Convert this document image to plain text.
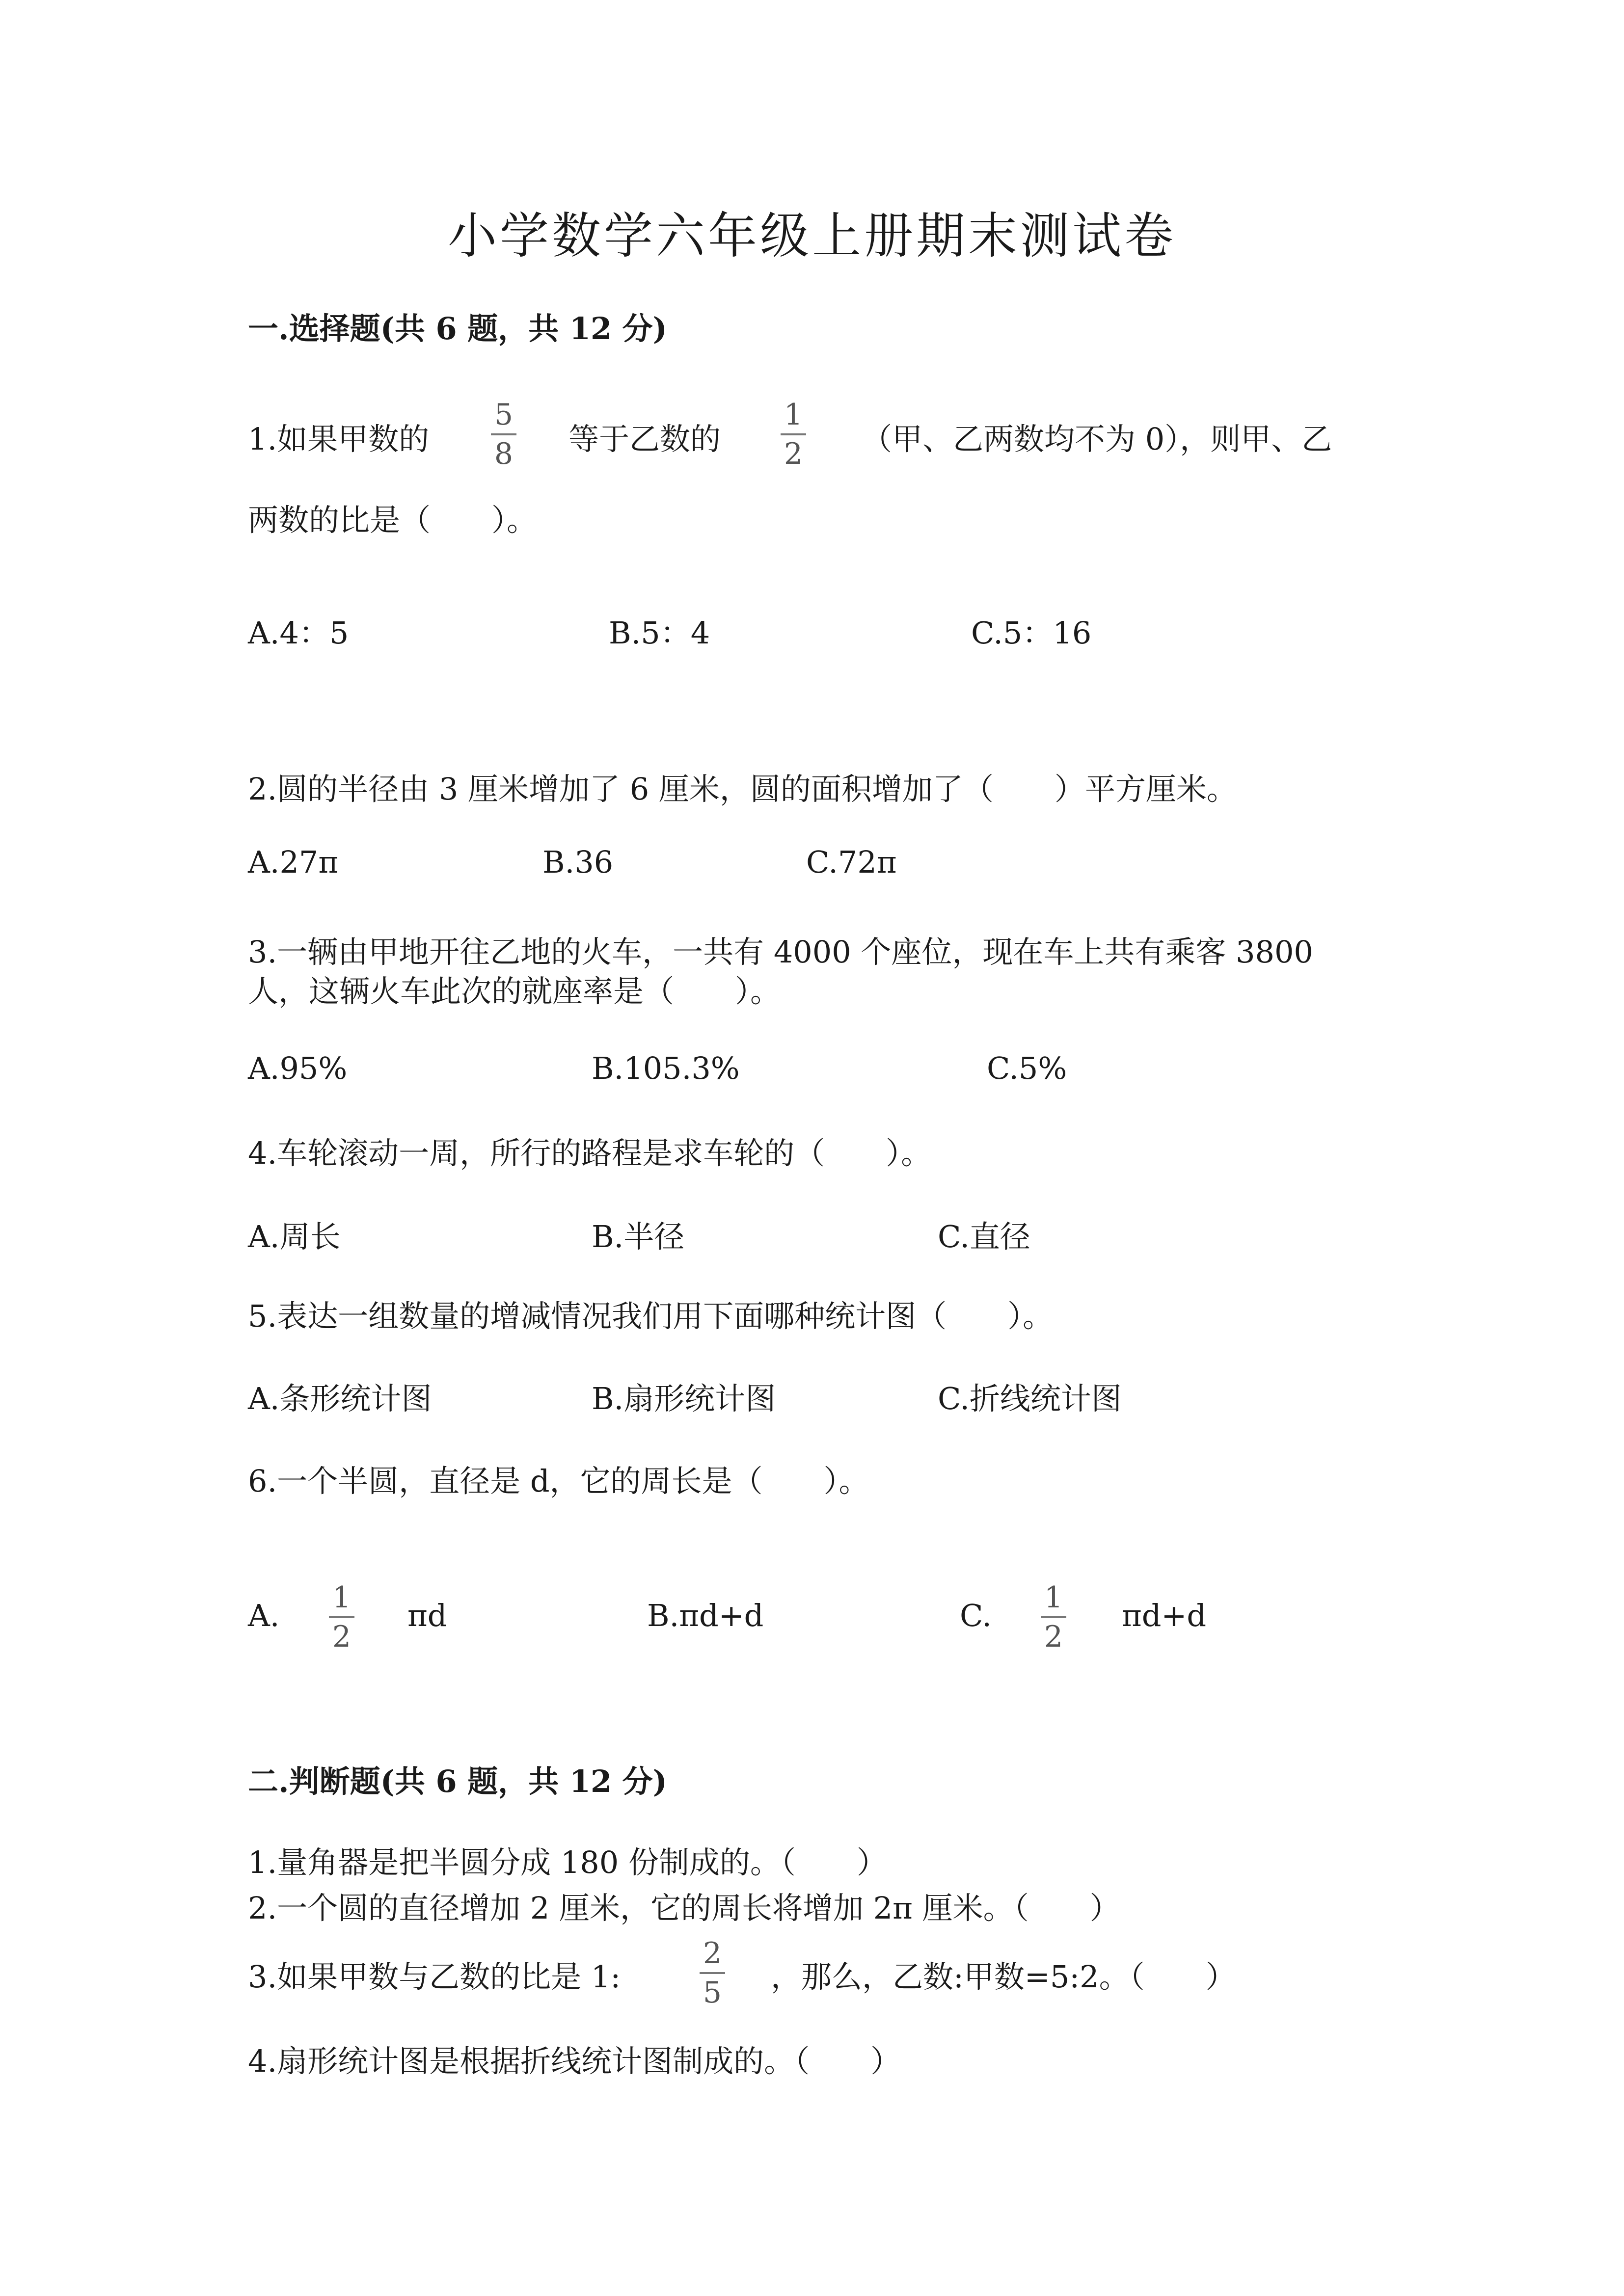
小学数学六年级上册期末测试卷
一.选择题(共 6 题，共 12 分)
1.如果甲数的
5
8 等于乙数的
1
2 （甲、乙两数均不为 0），则甲、乙
两数的比是（　　）。
A.4：5	B.5：4	C.5：16
2.圆的半径由 3 厘米增加了 6 厘米，圆的面积增加了（　　）平方厘米。
A.27π	B.36	C.72π
3.一辆由甲地开往乙地的火车，一共有 4000 个座位，现在车上共有乘客 3800
人，这辆火车此次的就座率是（　　）。
A.95%	B.105.3%	C.5%
4.车轮滚动一周，所行的路程是求车轮的（　　）。
A.周长	B.半径	C.直径
5.表达一组数量的增减情况我们用下面哪种统计图（　　）。
A.条形统计图	B.扇形统计图	C.折线统计图
6.一个半圆，直径是 d，它的周长是（　　）。
A. 1
2
πd	B.πd+d	C. 1
2
πd+d
二.判断题(共 6 题，共 12 分)
1.量角器是把半圆分成 180 份制成的。（　　）
2.一个圆的直径增加 2 厘米，它的周长将增加 2π 厘米。（　　）
3.如果甲数与乙数的比是 1:
2
5 ，那么，乙数:甲数=5:2。（　　）
4.扇形统计图是根据折线统计图制成的。（　　）
